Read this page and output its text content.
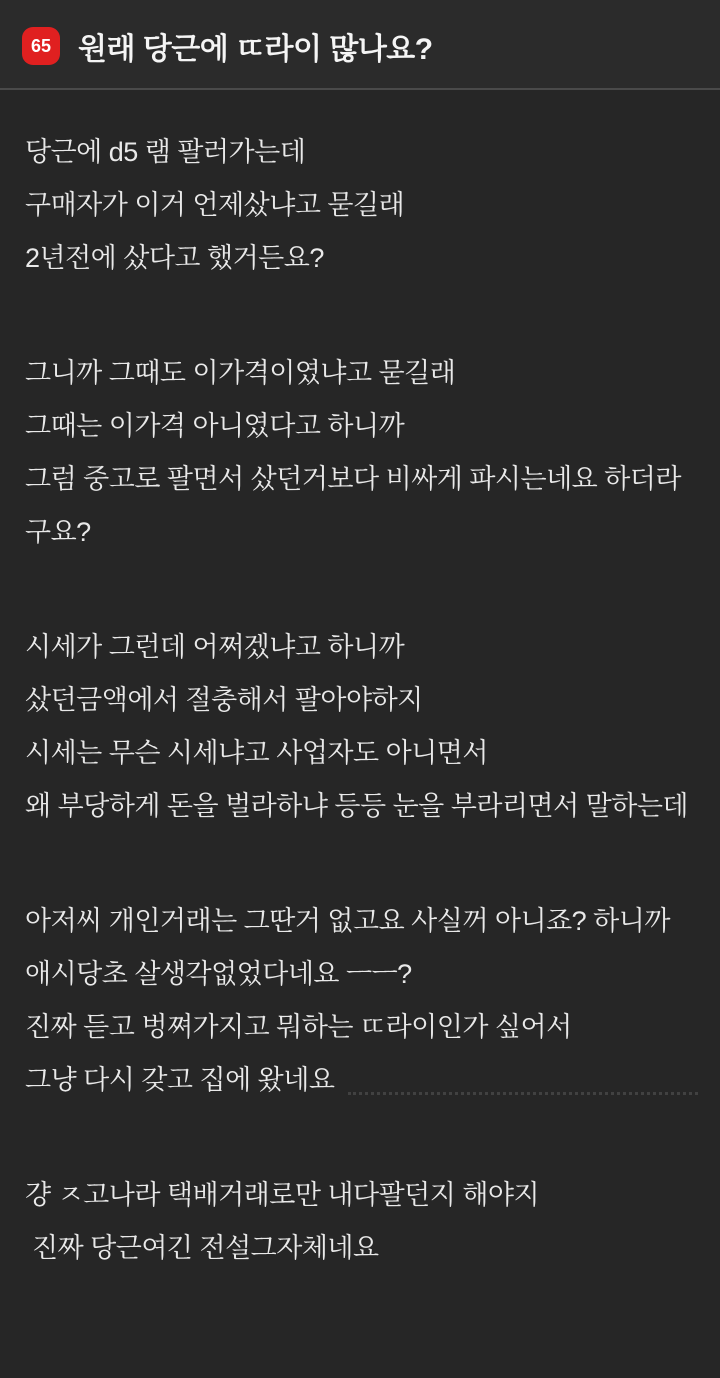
65 원래 당근에 ㄸ라이 많나요?
당근에 d5 램 팔러가는데
구매자가 이거 언제샀냐고 묻길래
2년전에 샀다고 했거든요?
그니까 그때도 이가격이였냐고 묻길래
그때는 이가격 아니였다고 하니까
그럼 중고로 팔면서 샀던거보다 비싸게 파시는네요 하더라
구요?
시세가 그런데 어쩌겠냐고 하니까
샀던금액에서 절충해서 팔아야하지
시세는 무슨 시세냐고 사업자도 아니면서
왜 부당하게 돈을 벌라하냐 등등 눈을 부라리면서 말하는데
아저씨 개인거래는 그딴거 없고요 사실꺼 아니죠? 하니까
애시당초 살생각없었다네요 ㅡㅡ?
진짜 듣고 벙쪄가지고 뭐하는 ㄸ라이인가 싶어서
그냥 다시 갖고 집에 왔네요
걍 ㅈ고나라 택배거래로만 내다팔던지 해야지
진짜 당근여긴 전설그자체네요
